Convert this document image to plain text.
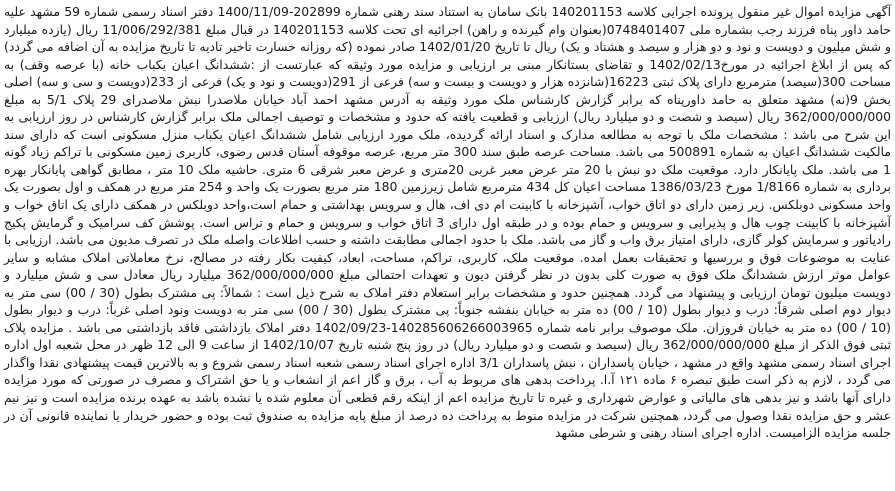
آگهی مزایده اموال غیر منقول پرونده اجرایی کلاسه 140201153 بانک سامان به استناد سند رهنی شماره 202899-1400/11/09 دفتر اسناد رسمی شماره 59 مشهد علیه حامد داور پناه فرزند رجب بشماره ملی 0748401407(بعنوان وام گیرنده و راهن) اجرائیه ای تحت کلاسه 140201153 در قبال مبلغ 11/006/292/381 ریال (یازده میلیارد و شش میلیون و دویست و نود و دو هزار و سیصد و هشتاد و یک) ریال تا تاریخ 1402/01/20 صادر نموده (که روزانه خسارت تاخیر تادیه تا تاریخ مزایده به آن اضافه می گردد) که پس از ابلاغ اجرائیه در مورخ1402/02/13 و تقاضای بستانکار مبنی بر ارزیابی و مزایده مورد وثیقه که عبارتست از :ششدانگ اعیان یکباب خانه (با عرصه وقف) به مساحت 300(سیصد) مترمربع دارای پلاک ثبتی 16223(شانزده هزار و دویست و بیست و سه) فرعی از 291(دویست و نود و یک) فرعی از 233(دویست و سی و سه) اصلی بخش 9(نه) مشهد متعلق به حامد داورپناه که برابر گزارش کارشناس ملک مورد وثیقه به آدرس مشهد احمد آباد خیابان ملاصدرا نبش ملاصدرای 29 پلاک 5/1 به مبلغ 362/000/000/000 ریال (سیصد و شصت و دو میلیارد ریال) ارزیابی و قطعیت یافته که حدود و مشخصات و توصیف اجمالی ملک برابر گزارش کارشناس در روز ارزیابی به این شرح می باشد : مشخصات ملک با توجه به مطالعه مدارک و اسناد ارائه گردیده، ملک مورد ارزیابی شامل ششدانگ اعیان یکباب منزل مسکونی است که دارای سند مالکیت ششدانگ اعیان به شماره 500891 می باشد. مساحت عرصه طبق سند 300 متر مربع، عرصه موقوفه آستان قدس رضوی، کاربری زمین مسکونی با تراکم زیاد گونه 1 می باشد. ملک پایانکار دارد. موقعیت ملک دو نبش با 20 متر عرض معبر غربی 20متری و عرض معبر شرقی 6 متری. حاشیه ملک 10 متر ، مطابق گواهی پایانکار بهره برداری به شماره 1/8166 مورخ 1386/03/23 مساحت اعیان کل 434 مترمربع شامل زیرزمین 180 متر مربع بصورت یک واحد و 254 متر مربع در همکف و اول بصورت یک واحد مسکونی دوبلکس. زیر زمین دارای دو اتاق خواب، آشپزخانه با کابینت ام دی اف، هال و سرویس بهداشتی و حمام است،واحد دوبلکس در همکف دارای یک اتاق خواب و آشپزخانه با کابینت چوب هال و پذیرایی و سرویس و حمام بوده و در طبقه اول دارای 3 اتاق خواب و سرویس و حمام و تراس است. پوشش کف سرامیک و گرمایش پکیج رادیاتور و سرمایش کولر گازی، دارای امتیاز برق واب و گاز می باشد. ملک با حدود اجمالی مطابقت داشته و حسب اطلاعات واصله ملک در تصرف مدیون می باشد. ارزیابی با عنایت به موضوعات فوق و بررسیها و تحقیقات بعمل امده. موقعیت ملک، کاربری، تراکم، مساحت، ابعاد، کیفیت بکار رفته در مصالح، نرخ معاملاتی املاک مشابه و سایر عوامل موثر ارزش ششدانگ ملک فوق به صورت کلی بدون در نظر گرفتن دیون و تعهدات احتمالی مبلغ 362/000/000/000 میلیارد ریال معادل سی و شش میلیارد و دویست میلیون تومان ارزیابی و پیشنهاد می گردد. همچنین حدود و مشخصات برابر استعلام دفتر املاک به شرح ذیل است : شمالاً: پی مشترک بطول (30 / 00) سی متر به دیوار دوم اصلی شرقاً: درب و دیوار بطول (10 / 00) ده متر به خیابان بنفشه جنوباً: پی مشترک بطول (30 / 00) سی متر به دویست ونود اصلی غرباً: درب و دیوار بطول (10 / 00) ده متر به خیابان فروزان. ملک موصوف برابر نامه شماره 140285606266003965-1402/09/23 دفتر املاک بازداشتی فاقد بازداشتی می باشد . مزایده پلاک ثبتی فوق الذکر از مبلغ 362/000/000/000 ریال (سیصد و شصت و دو میلیارد ریال) در روز پنج شنبه تاریخ 1402/10/07 از ساعت 9 الی 12 ظهر در محل شعبه اول اداره اجرای اسناد رسمی مشهد واقع در مشهد ، خیابان پاسداران ، نبش پاسداران 3/1 اداره اجرای اسناد رسمی شعبه اسناد رسمی شروع و به بالاترین قیمت پیشنهادی نقدا واگذار می گردد ، لازم به ذکر است طبق تبصره ۶ ماده ۱۲۱ آ.ا. پرداخت بدهی های مربوط به آب ، برق و گاز اعم از انشعاب و یا حق اشتراک و مصرف در صورتی که مورد مزایده دارای آنها باشد و نیز بدهی های مالیاتی و عوارض شهرداری و غیره تا تاریخ مزایده اعم از اینکه رقم قطعی آن معلوم شده یا نشده باشد به عهده برنده مزایده است و نیز نیم عشر و حق مزایده نقدا وصول می گردد، همچنین شرکت در مزایده منوط به پرداخت ده درصد از مبلغ پایه مزایده به صندوق ثبت بوده و حضور خریدار یا نماینده قانونی آن در جلسه مزایده الزامیست. اداره اجرای اسناد رهنی و شرطی مشهد
